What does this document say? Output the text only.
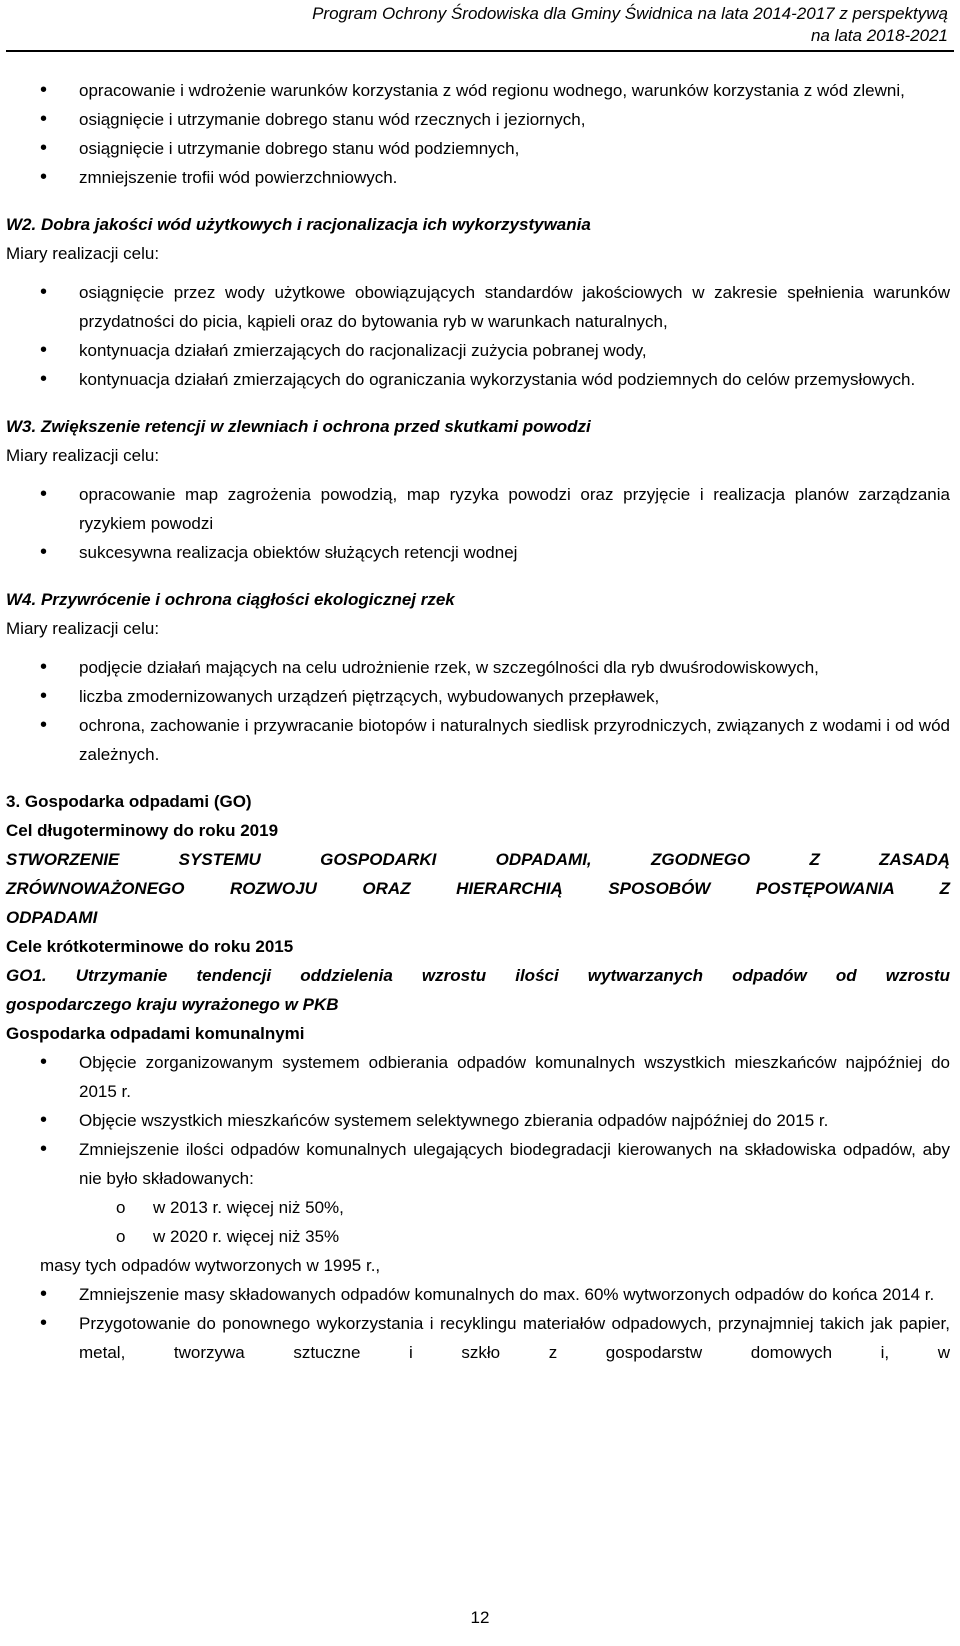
Program Ochrony Środowiska dla Gminy Świdnica na lata 2014-2017 z perspektywą
na lata 2018-2021
• opracowanie i wdrożenie warunków korzystania z wód regionu wodnego, warunków korzystania z wód zlewni,
• osiągnięcie i utrzymanie dobrego stanu wód rzecznych i jeziornych,
• osiągnięcie i utrzymanie dobrego stanu wód podziemnych,
• zmniejszenie trofii wód powierzchniowych.
W2. Dobra jakości wód użytkowych i racjonalizacja ich wykorzystywania
Miary realizacji celu:
• osiągnięcie przez wody użytkowe obowiązujących standardów jakościowych w zakresie spełnienia warunków przydatności do picia, kąpieli oraz do bytowania ryb w warunkach naturalnych,
• kontynuacja działań zmierzających do racjonalizacji zużycia pobranej wody,
• kontynuacja działań zmierzających do ograniczania wykorzystania wód podziemnych do celów przemysłowych.
W3. Zwiększenie retencji w zlewniach i ochrona przed skutkami powodzi
Miary realizacji celu:
• opracowanie map zagrożenia powodzią, map ryzyka powodzi oraz przyjęcie i realizacja planów zarządzania ryzykiem powodzi
• sukcesywna realizacja obiektów służących retencji wodnej
W4. Przywrócenie i ochrona ciągłości ekologicznej rzek
Miary realizacji celu:
• podjęcie działań mających na celu udrożnienie rzek, w szczególności dla ryb dwuśrodowiskowych,
• liczba zmodernizowanych urządzeń piętrzących, wybudowanych przepławek,
• ochrona, zachowanie i przywracanie biotopów i naturalnych siedlisk przyrodniczych, związanych z wodami i od wód zależnych.
3. Gospodarka odpadami (GO)
Cel długoterminowy do roku 2019
STWORZENIE SYSTEMU GOSPODARKI ODPADAMI, ZGODNEGO Z ZASADĄ
ZRÓWNOWAŻONEGO ROZWOJU ORAZ HIERARCHIĄ SPOSOBÓW POSTĘPOWANIA Z
ODPADAMI
Cele krótkoterminowe do roku 2015
GO1. Utrzymanie tendencji oddzielenia wzrostu ilości wytwarzanych odpadów od wzrostu
gospodarczego kraju wyrażonego w PKB
Gospodarka odpadami komunalnymi
• Objęcie zorganizowanym systemem odbierania odpadów komunalnych wszystkich mieszkańców najpóźniej do 2015 r.
• Objęcie wszystkich mieszkańców systemem selektywnego zbierania odpadów najpóźniej do 2015 r.
• Zmniejszenie ilości odpadów komunalnych ulegających biodegradacji kierowanych na składowiska odpadów, aby nie było składowanych:
o w 2013 r. więcej niż 50%,
o w 2020 r. więcej niż 35%
masy tych odpadów wytworzonych w 1995 r.,
• Zmniejszenie masy składowanych odpadów komunalnych do max. 60% wytworzonych odpadów do końca 2014 r.
• Przygotowanie do ponownego wykorzystania i recyklingu materiałów odpadowych, przynajmniej takich jak papier, metal, tworzywa sztuczne i szkło z gospodarstw domowych i, w
12
